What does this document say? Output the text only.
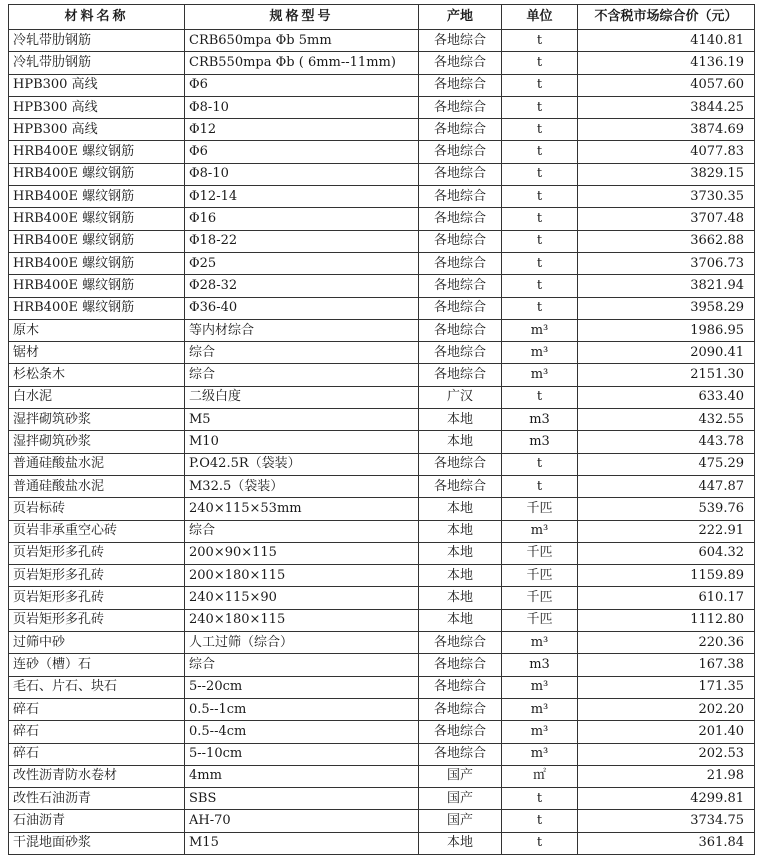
材料名称	规格型号	产地	单位	不含税市场综合价（元）
冷轧带肋钢筋	CRB650mpa Φb 5mm	各地综合	t	4140.81
冷轧带肋钢筋	CRB550mpa Φb ( 6mm--11mm)	各地综合	t	4136.19
HPB300 高线	Φ6	各地综合	t	4057.60
HPB300 高线	Φ8-10	各地综合	t	3844.25
HPB300 高线	Φ12	各地综合	t	3874.69
HRB400E 螺纹钢筋	Φ6	各地综合	t	4077.83
HRB400E 螺纹钢筋	Φ8-10	各地综合	t	3829.15
HRB400E 螺纹钢筋	Φ12-14	各地综合	t	3730.35
HRB400E 螺纹钢筋	Φ16	各地综合	t	3707.48
HRB400E 螺纹钢筋	Φ18-22	各地综合	t	3662.88
HRB400E 螺纹钢筋	Φ25	各地综合	t	3706.73
HRB400E 螺纹钢筋	Φ28-32	各地综合	t	3821.94
HRB400E 螺纹钢筋	Φ36-40	各地综合	t	3958.29
原木	等内材综合	各地综合	m³	1986.95
锯材	综合	各地综合	m³	2090.41
杉松条木	综合	各地综合	m³	2151.30
白水泥	二级白度	广汉	t	633.40
湿拌砌筑砂浆	M5	本地	m3	432.55
湿拌砌筑砂浆	M10	本地	m3	443.78
普通硅酸盐水泥	P.O42.5R（袋装）	各地综合	t	475.29
普通硅酸盐水泥	M32.5（袋装）	各地综合	t	447.87
页岩标砖	240×115×53mm	本地	千匹	539.76
页岩非承重空心砖	综合	本地	m³	222.91
页岩矩形多孔砖	200×90×115	本地	千匹	604.32
页岩矩形多孔砖	200×180×115	本地	千匹	1159.89
页岩矩形多孔砖	240×115×90	本地	千匹	610.17
页岩矩形多孔砖	240×180×115	本地	千匹	1112.80
过筛中砂	人工过筛（综合）	各地综合	m³	220.36
连砂（槽）石	综合	各地综合	m3	167.38
毛石、片石、块石	5--20cm	各地综合	m³	171.35
碎石	0.5--1cm	各地综合	m³	202.20
碎石	0.5--4cm	各地综合	m³	201.40
碎石	5--10cm	各地综合	m³	202.53
改性沥青防水卷材	4mm	国产	㎡	21.98
改性石油沥青	SBS	国产	t	4299.81
石油沥青	AH-70	国产	t	3734.75
干混地面砂浆	M15	本地	t	361.84
